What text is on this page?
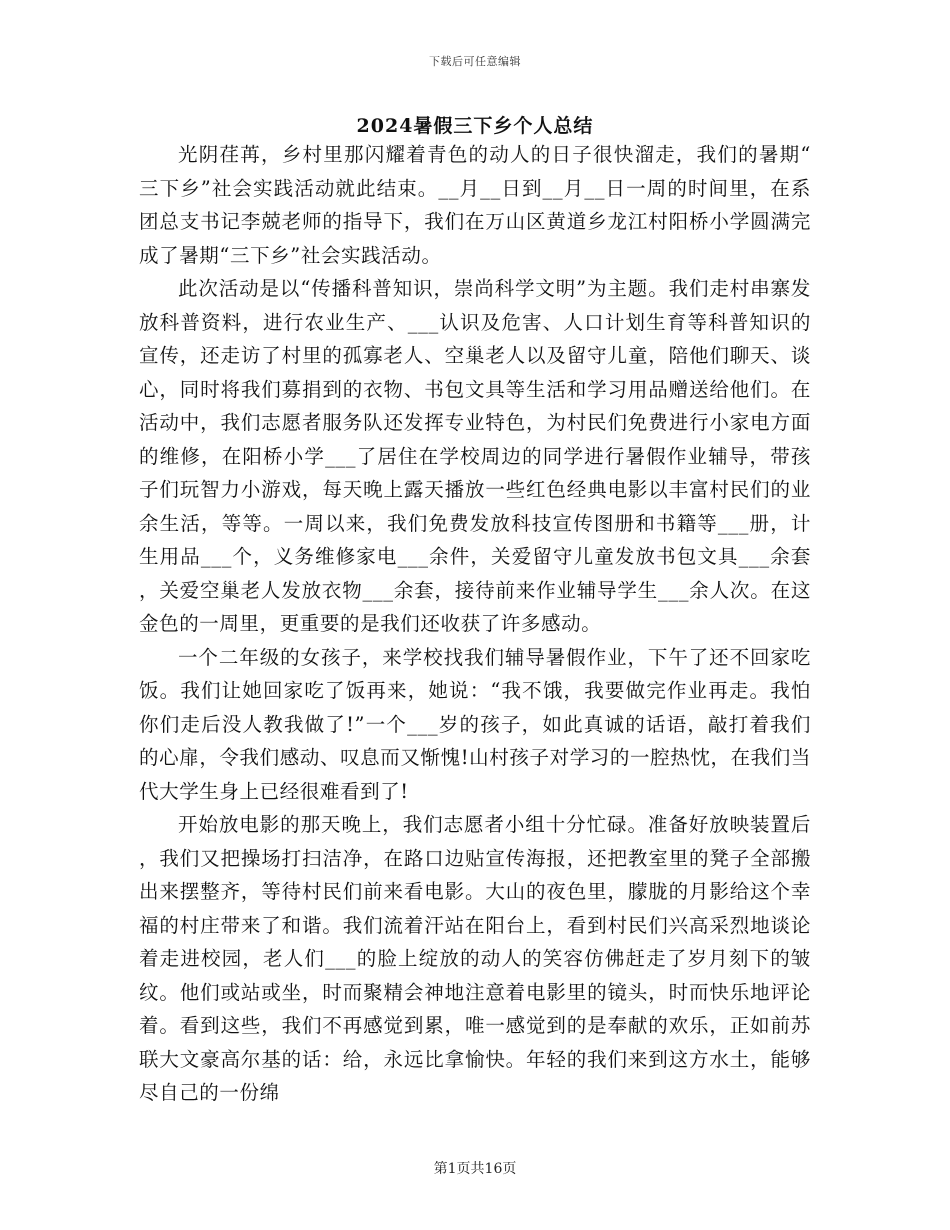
下载后可任意编辑
2024暑假三下乡个人总结

光阴荏苒，乡村里那闪耀着青色的动人的日子很快溜走，我们的暑期“三下乡”社会实践活动就此结束。__月__日到__月__日一周的时间里，在系团总支书记李兢老师的指导下，我们在万山区黄道乡龙江村阳桥小学圆满完成了暑期“三下乡”社会实践活动。

此次活动是以“传播科普知识，崇尚科学文明”为主题。我们走村串寨发放科普资料，进行农业生产、___认识及危害、人口计划生育等科普知识的宣传，还走访了村里的孤寡老人、空巢老人以及留守儿童，陪他们聊天、谈心，同时将我们募捐到的衣物、书包文具等生活和学习用品赠送给他们。在活动中，我们志愿者服务队还发挥专业特色，为村民们免费进行小家电方面的维修，在阳桥小学___了居住在学校周边的同学进行暑假作业辅导，带孩子们玩智力小游戏，每天晚上露天播放一些红色经典电影以丰富村民们的业余生活，等等。一周以来，我们免费发放科技宣传图册和书籍等___册，计生用品___个，义务维修家电___余件，关爱留守儿童发放书包文具___余套，关爱空巢老人发放衣物___余套，接待前来作业辅导学生___余人次。在这金色的一周里，更重要的是我们还收获了许多感动。

一个二年级的女孩子，来学校找我们辅导暑假作业，下午了还不回家吃饭。我们让她回家吃了饭再来，她说：“我不饿，我要做完作业再走。我怕你们走后没人教我做了!”一个___岁的孩子，如此真诚的话语，敲打着我们的心扉，令我们感动、叹息而又惭愧!山村孩子对学习的一腔热忱，在我们当代大学生身上已经很难看到了!

开始放电影的那天晚上，我们志愿者小组十分忙碌。准备好放映装置后，我们又把操场打扫洁净，在路口边贴宣传海报，还把教室里的凳子全部搬出来摆整齐，等待村民们前来看电影。大山的夜色里，朦胧的月影给这个幸福的村庄带来了和谐。我们流着汗站在阳台上，看到村民们兴高采烈地谈论着走进校园，老人们___的脸上绽放的动人的笑容仿佛赶走了岁月刻下的皱纹。他们或站或坐，时而聚精会神地注意着电影里的镜头，时而快乐地评论着。看到这些，我们不再感觉到累，唯一感觉到的是奉献的欢乐，正如前苏联大文豪高尔基的话：给，永远比拿愉快。年轻的我们来到这方水土，能够尽自己的一份绵

第1页共16页
